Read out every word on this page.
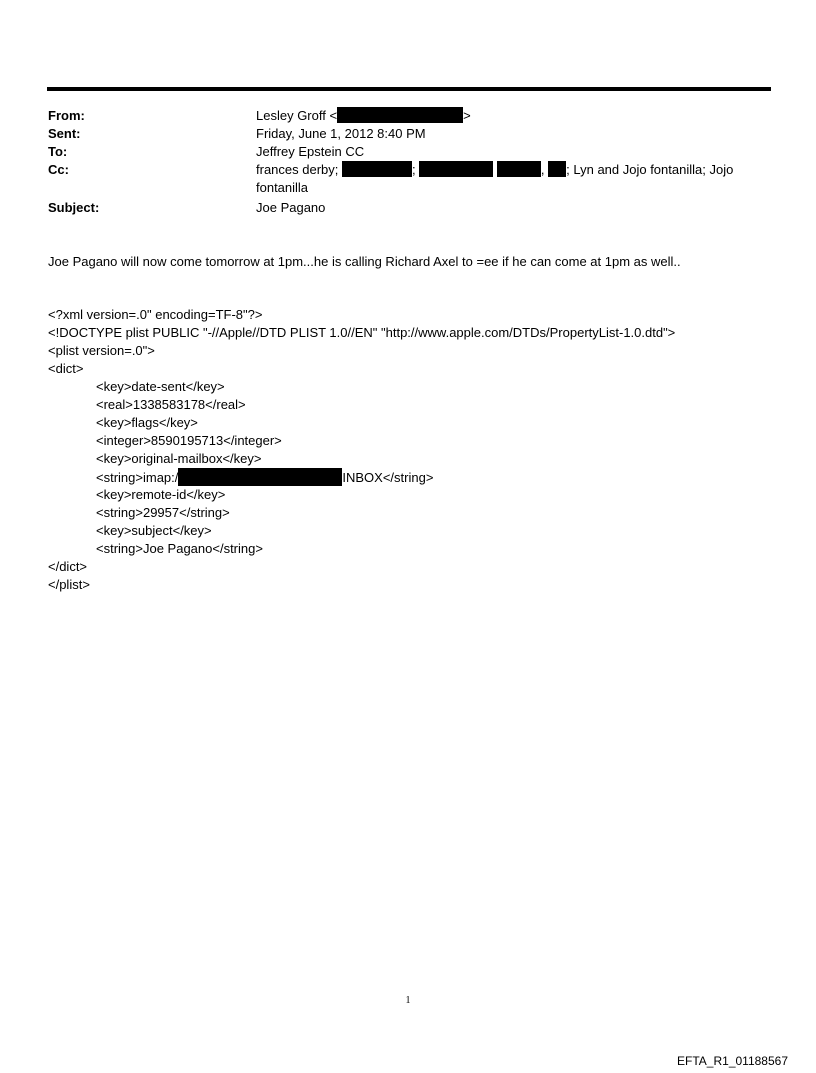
From:	Lesley Groff <	>
Sent:	Friday, June 1, 2012 8:40 PM
To:	Jeffrey Epstein CC
Cc:	frances derby;	;	, ; Lyn and Jojo fontanilla; Jojo
fontanilla
Subject:	Joe Pagano
Joe Pagano will now come tomorrow at 1pm...he is calling Richard Axel to =ee if he can come at 1pm as well..
<?xml version=.0" encoding=TF-8"?>
<!DOCTYPE plist PUBLIC "-//Apple//DTD PLIST 1.0//EN" "http://www.apple.com/DTDs/PropertyList-1.0.dtd">
<plist version=.0">
<dict>
<key>date-sent</key>
<real>1338583178</real>
<key>flags</key>
<integer>8590195713</integer>
<key>original-mailbox</key>
<string>imap:/	INBOX</string>
<key>remote-id</key>
<string>29957</string>
<key>subject</key>
<string>Joe Pagano</string>
</dict>
</plist>
1
EFTA_R1_01188567
